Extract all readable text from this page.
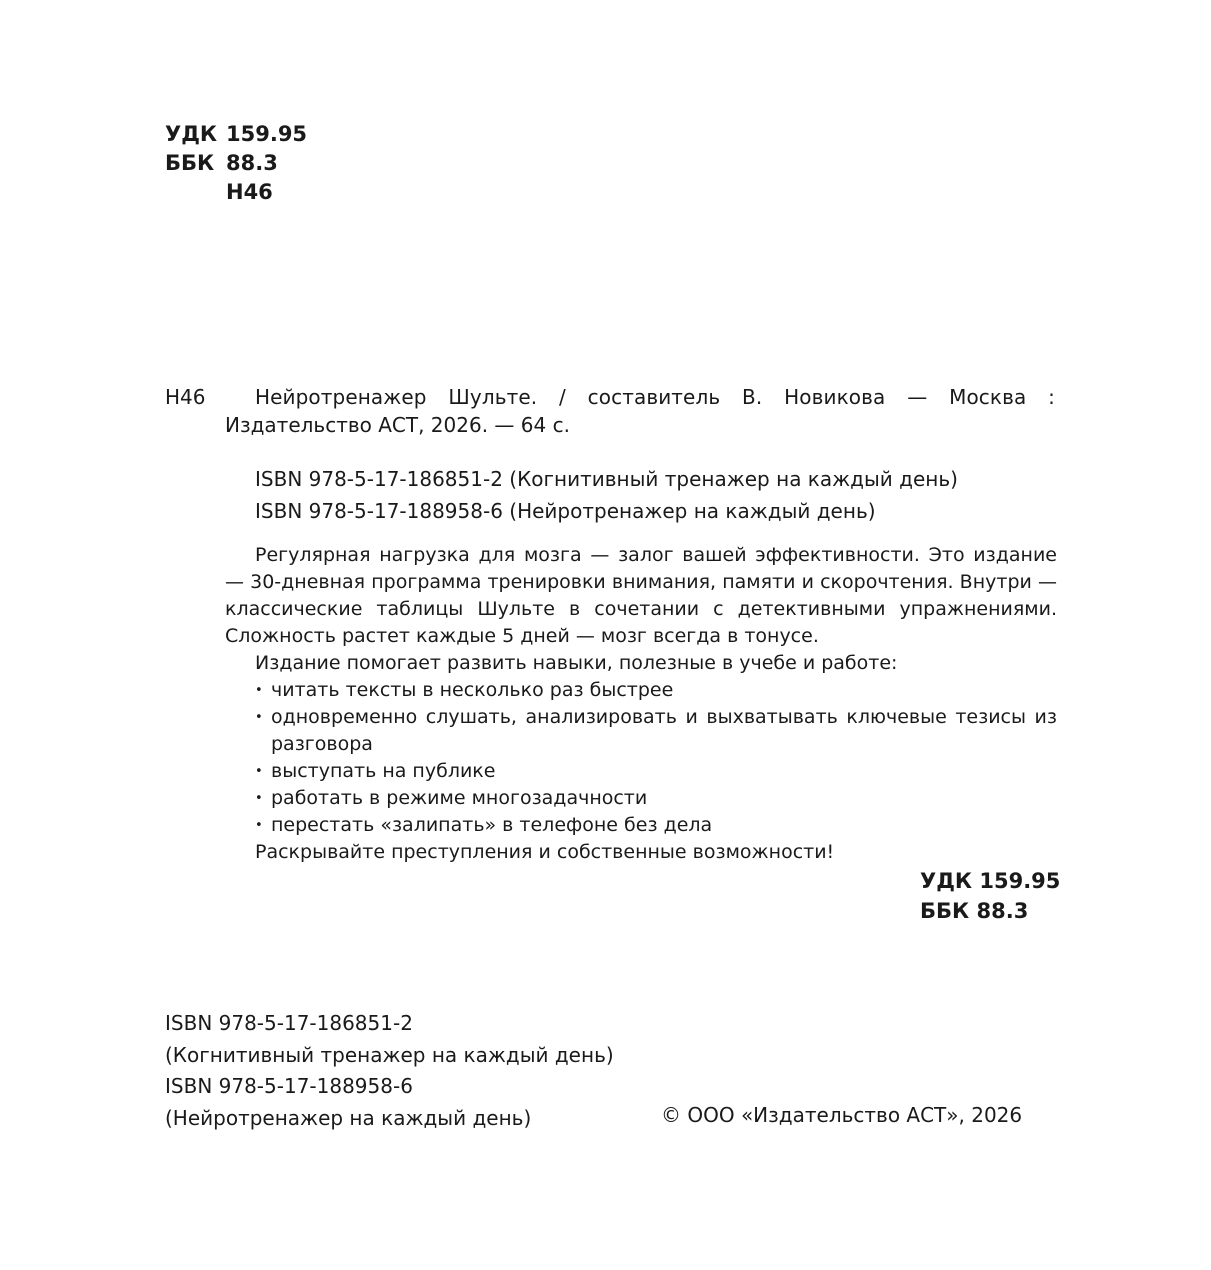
УДК 159.95
ББК 88.3
Н46
Н46 Нейротренажер Шульте. / составитель В. Новикова — Москва :
Издательство АСТ, 2026. — 64 с.
ISBN 978-5-17-186851-2 (Когнитивный тренажер на каждый день)
ISBN 978-5-17-188958-6 (Нейротренажер на каждый день)

Регулярная нагрузка для мозга — залог вашей эффективности. Это издание — 30-дневная программа тренировки внимания, памяти и скорочтения. Внутри — классические таблицы Шульте в сочетании с детективными упражнениями. Сложность растет каждые 5 дней — мозг всегда в тонусе.

Издание помогает развить навыки, полезные в учебе и работе:
• читать тексты в несколько раз быстрее
• одновременно слушать, анализировать и выхватывать ключевые тезисы из разговора
• выступать на публике
• работать в режиме многозадачности
• перестать «залипать» в телефоне без дела
Раскрывайте преступления и собственные возможности!
УДК 159.95
ББК 88.3
ISBN 978-5-17-186851-2
(Когнитивный тренажер на каждый день)
ISBN 978-5-17-188958-6
(Нейротренажер на каждый день)	© ООО «Издательство АСТ», 2026
